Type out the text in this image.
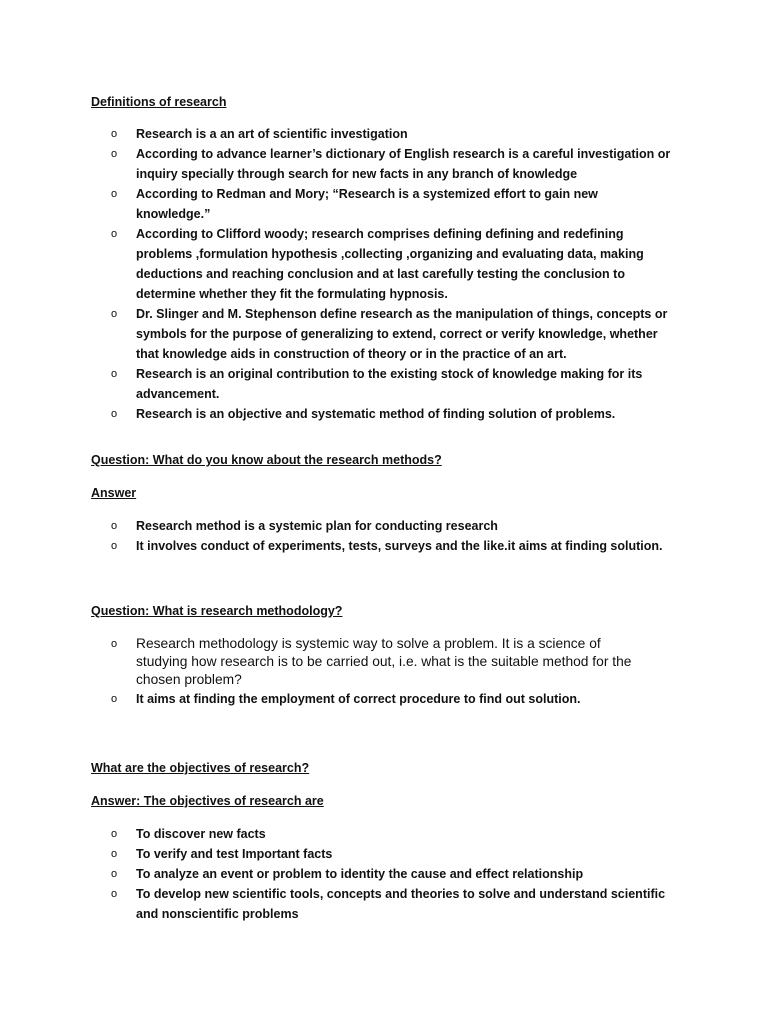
Definitions of research
o Research is a an art of scientific investigation
o According to advance learner’s dictionary of English research is a careful investigation or inquiry specially through search for new facts in any branch of knowledge
o According to Redman and Mory; “Research is a systemized effort to gain new knowledge.”
o According to Clifford woody; research comprises defining defining and redefining problems ,formulation hypothesis ,collecting ,organizing and evaluating data, making deductions and reaching conclusion and at last carefully testing the conclusion to determine whether they fit the formulating hypnosis.
o Dr. Slinger and M. Stephenson define research as the manipulation of things, concepts or symbols for the purpose of generalizing to extend, correct or verify knowledge, whether that knowledge aids in construction of theory or in the practice of an art.
o Research is an original contribution to the existing stock of knowledge making for its advancement.
o Research is an objective and systematic method of finding solution of problems.
Question: What do you know about the research methods?
Answer
o Research method is a systemic plan for conducting research
o It involves conduct of experiments, tests, surveys and the like.it aims at finding solution.
Question: What is research methodology?
o Research methodology is systemic way to solve a problem. It is a science of studying how research is to be carried out, i.e. what is the suitable method for the chosen problem?
o It aims at finding the employment of correct procedure to find out solution.
What are the objectives of research?
Answer: The objectives of research are
o To discover new facts
o To verify and test Important facts
o To analyze an event or problem to identity the cause and effect relationship
o To develop new scientific tools, concepts and theories to solve and understand scientific and nonscientific problems
